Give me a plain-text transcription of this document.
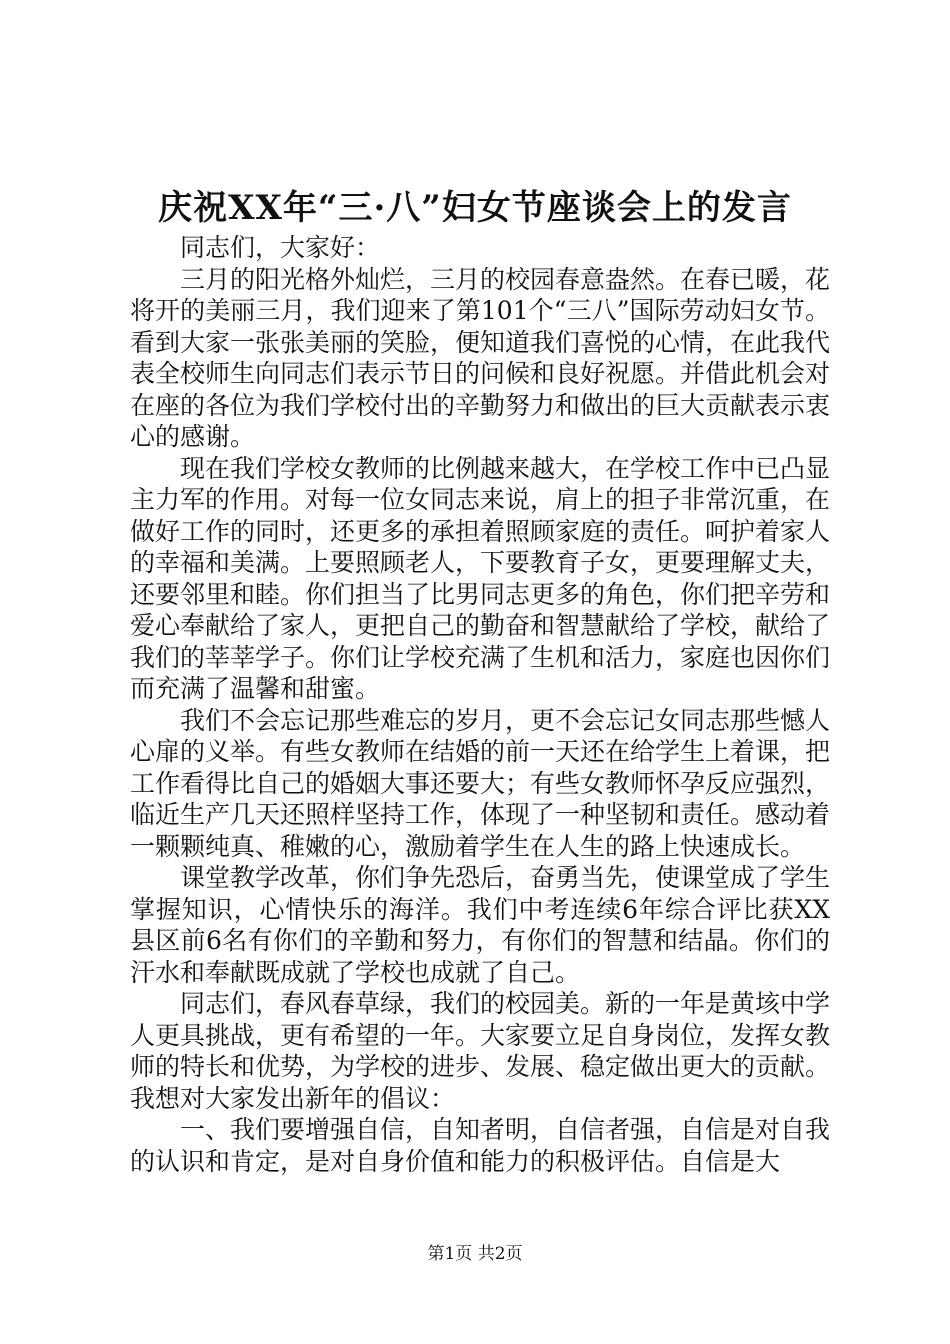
庆祝XX年“三·八”妇女节座谈会上的发言

同志们，大家好：

三月的阳光格外灿烂，三月的校园春意盎然。在春已暖，花将开的美丽三月，我们迎来了第101个“三八”国际劳动妇女节。看到大家一张张美丽的笑脸，便知道我们喜悦的心情，在此我代表全校师生向同志们表示节日的问候和良好祝愿。并借此机会对在座的各位为我们学校付出的辛勤努力和做出的巨大贡献表示衷心的感谢。

现在我们学校女教师的比例越来越大，在学校工作中已凸显主力军的作用。对每一位女同志来说，肩上的担子非常沉重，在做好工作的同时，还更多的承担着照顾家庭的责任。呵护着家人的幸福和美满。上要照顾老人，下要教育子女，更要理解丈夫，还要邻里和睦。你们担当了比男同志更多的角色，你们把辛劳和爱心奉献给了家人，更把自己的勤奋和智慧献给了学校，献给了我们的莘莘学子。你们让学校充满了生机和活力，家庭也因你们而充满了温馨和甜蜜。

我们不会忘记那些难忘的岁月，更不会忘记女同志那些憾人心扉的义举。有些女教师在结婚的前一天还在给学生上着课，把工作看得比自己的婚姻大事还要大；有些女教师怀孕反应强烈，临近生产几天还照样坚持工作，体现了一种坚韧和责任。感动着一颗颗纯真、稚嫩的心，激励着学生在人生的路上快速成长。

课堂教学改革，你们争先恐后，奋勇当先，使课堂成了学生掌握知识，心情快乐的海洋。我们中考连续6年综合评比获XX县区前6名有你们的辛勤和努力，有你们的智慧和结晶。你们的汗水和奉献既成就了学校也成就了自己。

同志们，春风春草绿，我们的校园美。新的一年是黄垓中学人更具挑战，更有希望的一年。大家要立足自身岗位，发挥女教师的特长和优势，为学校的进步、发展、稳定做出更大的贡献。我想对大家发出新年的倡议：

一、我们要增强自信，自知者明，自信者强，自信是对自我的认识和肯定，是对自身价值和能力的积极评估。自信是大

第1页 共2页
